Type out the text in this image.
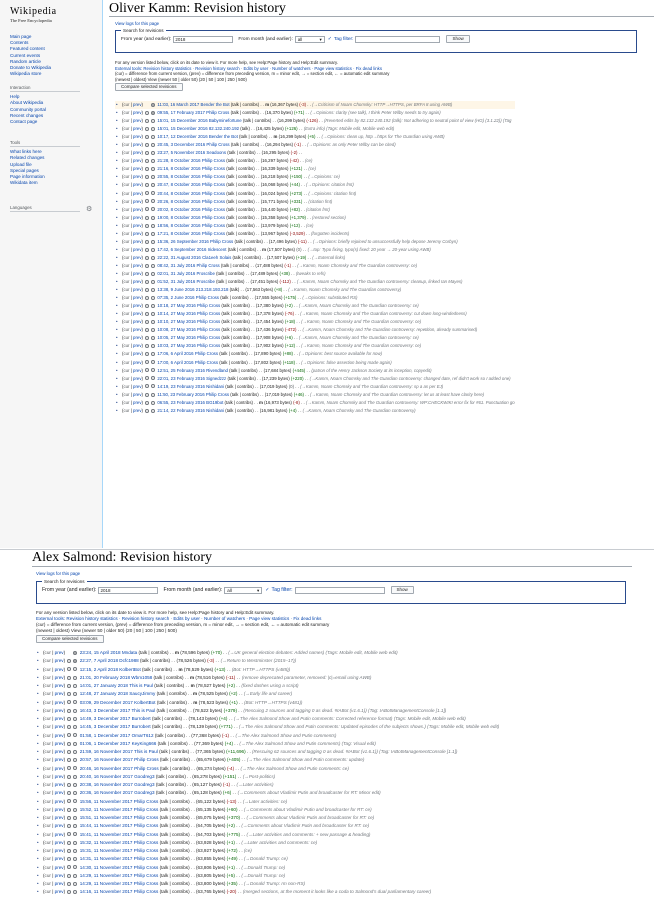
Wikipedia
The Free Encyclopedia
Main page
Contents
Featured content
Current events
Random article
Donate to Wikipedia
Wikipedia store
Interaction
Help
About Wikipedia
Community portal
Recent changes
Contact page
Tools
What links here
Related changes
Upload file
Special pages
Page information
Wikidata item
Languages	⚙
Oliver Kamm: Revision history
View logs for this page
Search for revisions
From year (and earlier): 2018	From month (and earlier):	all	▾ ✓ Tag filter:	Show
For any version listed below, click on its date to view it. For more help, see Help:Page history and Help:Edit summary.
External tools: Revision history statistics · Revision history search · Edits by user · Number of watchers · Page view statistics · Fix dead links
(cur) = difference from current version, (prev) = difference from preceding version, m = minor edit, → = section edit, ← = automatic edit summary
(newest | oldest) View (newer 50 | older 50) (20 | 50 | 100 | 250 | 500)
Compare selected revisions
• (cur | prev)	11:03, 16 March 2017 Bender the Bot (talk | contribs) . . m (16,367 bytes) (-3) . . (→Criticism of Noam Chomsky: HTTP→HTTPS, per BRFA 8 using AWB)
• (cur | prev)	09:55, 17 February 2017 Philip Cross (talk | contribs) . . (16,370 bytes) (+71) . . (→Opinions: clarity (see talk), I think Peter Wilby needs to try again)
• (cur | prev)	15:01, 15 December 2016 Babyminefortune (talk | contribs) . . (16,299 bytes) (-126) . . (Reverted edits by 82.132.240.192 (talk): Not adhering to neutral point of view (HG) (3.1.22)) (Tag
• (cur | prev)	15:01, 15 December 2016 82.132.240.192 (talk) . . (16,425 bytes) (+126) . . (Extra info) (Tags: Mobile edit, Mobile web edit)
• (cur | prev)	10:17, 12 December 2016 Bender the Bot (talk | contribs) . . m (16,299 bytes) (+5) . . (→Opinions: clean up, http→https for The Guardian using AWB)
• (cur | prev)	20:45, 3 December 2016 Philip Cross (talk | contribs) . . (16,294 bytes) (-1) . . (→Opinions: as only Peter Wilby can be cited)
• (cur | prev)	23:27, 5 November 2016 Seadoons (talk | contribs) . . (16,295 bytes) (-2) . .
• (cur | prev)	21:28, 8 October 2016 Philip Cross (talk | contribs) . . (16,297 bytes) (-42) . . (ce)
• (cur | prev)	21:16, 8 October 2016 Philip Cross (talk | contribs) . . (16,339 bytes) (+121) . . (ce)
• (cur | prev)	20:55, 8 October 2016 Philip Cross (talk | contribs) . . (16,218 bytes) (+150) . . (→Opinions: ce)
• (cur | prev)	20:47, 8 October 2016 Philip Cross (talk | contribs) . . (16,068 bytes) (+44) . . (→Opinions: citation fmt)
• (cur | prev)	20:44, 8 October 2016 Philip Cross (talk | contribs) . . (16,024 bytes) (+273) . . (→Opinions: citation fmt)
• (cur | prev)	20:26, 8 October 2016 Philip Cross (talk | contribs) . . (15,771 bytes) (+331) . . (citation fmt)
• (cur | prev)	20:02, 8 October 2016 Philip Cross (talk | contribs) . . (15,440 bytes) (+82) . . (citation fmt)
• (cur | prev)	19:00, 8 October 2016 Philip Cross (talk | contribs) . . (15,358 bytes) (+1,379) . . (restored section)
• (cur | prev)	18:56, 8 October 2016 Philip Cross (talk | contribs) . . (13,979 bytes) (+12) . . (ce)
• (cur | prev)	17:21, 8 October 2016 Philip Cross (talk | contribs) . . (13,967 bytes) (-3,529) . . (forgotten incidents)
• (cur | prev)	15:36, 26 September 2016 Philip Cross (talk | contribs) . . (17,496 bytes) (-11) . . (→Opinions: briefly rejoined to unsuccessfully help depose Jeremy Corbyn)
• (cur | prev)	17:42, 6 September 2016 Iridescent (talk | contribs) . . m (17,507 bytes) (0) . . (→top: Typo fixing, typo(s) fixed: 20 year → 20-year using AWB)
• (cur | prev)	22:22, 31 August 2016 Cla1eeh Solais (talk | contribs) . . (17,507 bytes) (+19) . . (→External links)
• (cur | prev)	08:42, 31 July 2016 Philip Cross (talk | contribs) . . (17,488 bytes) (-1) . . (→Kamm, Noam Chomsky and The Guardian controversy: ce)
• (cur | prev)	02:01, 31 July 2016 Proscribe (talk | contribs) . . (17,489 bytes) (+38) . . (tweaks to refs)
• (cur | prev)	01:52, 31 July 2016 Proscribe (talk | contribs) . . (17,451 bytes) (-112) . . (→Kamm, Noam Chomsky and The Guardian controversy: cleanup, linked Ian Mayes)
• (cur | prev)	13:38, 9 June 2016 213.218.193.218 (talk) . . (17,563 bytes) (+8) . . (→Kamm, Noam Chomsky and The Guardian controversy)
• (cur | prev)	07:35, 2 June 2016 Philip Cross (talk | contribs) . . (17,555 bytes) (+175) . . (→Opinions: substituted RS)
• (cur | prev)	10:18, 27 May 2016 Philip Cross (talk | contribs) . . (17,380 bytes) (+2) . . (→Kamm, Noam Chomsky and The Guardian controversy: ce)
• (cur | prev)	10:14, 27 May 2016 Philip Cross (talk | contribs) . . (17,378 bytes) (-76) . . (→Kamm, Noam Chomsky and The Guardian controversy: cut down long-windedness)
• (cur | prev)	10:10, 27 May 2016 Philip Cross (talk | contribs) . . (17,454 bytes) (+18) . . (→Kamm, Noam Chomsky and The Guardian controversy: ce)
• (cur | prev)	10:08, 27 May 2016 Philip Cross (talk | contribs) . . (17,436 bytes) (-472) . . (→Kamm, Noam Chomsky and The Guardian controversy: repetition, already summarised)
• (cur | prev)	10:05, 27 May 2016 Philip Cross (talk | contribs) . . (17,908 bytes) (+6) . . (→Kamm, Noam Chomsky and The Guardian controversy: ce)
• (cur | prev)	10:03, 27 May 2016 Philip Cross (talk | contribs) . . (17,902 bytes) (+12) . . (→Kamm, Noam Chomsky and The Guardian controversy: ce)
• (cur | prev)	17:06, 6 April 2016 Philip Cross (talk | contribs) . . (17,890 bytes) (+88) . . (→Opinions: best source available for now)
• (cur | prev)	17:00, 6 April 2016 Philip Cross (talk | contribs) . . (17,802 bytes) (+118) . . (→Opinions: false assertion being made again)
• (cur | prev)	12:51, 25 February 2016 Rivendland (talk | contribs) . . (17,684 bytes) (+445) . . (patron of the Henry Jackson Society at its inception, copyedit)
• (cur | prev)	22:01, 23 February 2016 Signedzzz (talk | contribs) . . (17,239 bytes) (+220) . . (→Kamm, Noam Chomsky and The Guardian controversy: changed date, ref didn't work so I added one)
• (cur | prev)	14:19, 23 February 2016 Nishidani (talk | contribs) . . (17,019 bytes) (0) . . (→Kamm, Noam Chomsky and The Guardian controversy: sp a as per EJ)
• (cur | prev)	11:50, 23 February 2016 Philip Cross (talk | contribs) . . (17,019 bytes) (+46) . . (→Kamm, Noam Chomsky and The Guardian controversy: let us at least have clarity here)
• (cur | prev)	06:55, 23 February 2016 BG19bot (talk | contribs) . . m (16,973 bytes) (-8) . . (→Kamm, Noam Chomsky and The Guardian controversy: WP:CHECKWIKI error fix for #61. Punctuation go
• (cur | prev)	21:14, 22 February 2016 Nishidani (talk | contribs) . . (16,981 bytes) (+4) . . (→Kamm, Noam Chomsky and The Guardian controversy)
Alex Salmond: Revision history
View logs for this page
Search for revisions
From year (and earlier): 2018	From month (and earlier):	all	▾ ✓ Tag filter:	Show
For any version listed below, click on its date to view it. For more help, see Help:Page history and Help:Edit summary.
External tools: Revision history statistics · Revision history search · Edits by user · Number of watchers · Page view statistics · Fix dead links
(cur) = difference from current version, (prev) = difference from preceding version, m = minor edit, → = section edit, ← = automatic edit summary
(newest | oldest) View (newer 50 | older 50) (20 | 50 | 100 | 250 | 500)
Compare selected revisions
• (cur | prev)	23:24, 15 April 2018 Mndata (talk | contribs) . . m (78,596 bytes) (+70) . . (→UK general election debates: Added names) (Tags: Mobile edit, Mobile web edit)
• (cur | prev)	22:27, 7 April 2018 Dcfc1988 (talk | contribs) . . (78,526 bytes) (-3) . . (→Return to Westminster (2015–17))
• (cur | prev)	12:15, 2 April 2018 KolbertBot (talk | contribs) . . m (78,529 bytes) (+13) . . (Bot: HTTP→HTTPS (v485))
• (cur | prev)	21:01, 20 February 2018 Wbm1058 (talk | contribs) . . m (78,516 bytes) (-11) . . (remove deprecated parameter, removed: |c|=email using AWB)
• (cur | prev)	14:01, 27 January 2018 This is Paul (talk | contribs) . . m (78,527 bytes) (+2) . . (fixed dashes using a script)
• (cur | prev)	12:48, 27 January 2018 SaucyJimmy (talk | contribs) . . m (78,525 bytes) (+2) . . (→Early life and career)
• (cur | prev)	03:09, 29 December 2017 KolbertBot (talk | contribs) . . m (78,523 bytes) (+1) . . (Bot: HTTP→HTTPS (v481))
• (cur | prev)	16:43, 3 December 2017 This is Paul (talk | contribs) . . (78,522 bytes) (+379) . . (Rescuing 2 sources and tagging 0 as dead. #IABot (v1.6.1)) (Tag: IABotManagementConsole [1.1])
• (cur | prev)	14:49, 3 December 2017 Burrobert (talk | contribs) . . (78,143 bytes) (+4) . . (→The Alex Salmond Show and Putin comments: Corrected reference format) (Tags: Mobile edit, Mobile web edit)
• (cur | prev)	14:45, 3 December 2017 Burrobert (talk | contribs) . . (78,139 bytes) (+771) . . (→The Alex Salmond Show and Putin comments: Updated episodes of the subjects shows.) (Tags: Mobile edit, Mobile web edit)
• (cur | prev)	01:58, 1 December 2017 OmarT612 (talk | contribs) . . (77,368 bytes) (-1) . . (→The Alex Salmond Show and Putin comments)
• (cur | prev)	01:06, 1 December 2017 KeyKing666 (talk | contribs) . . (77,369 bytes) (+4) . . (→The Alex Salmond Show and Putin comments) (Tag: Visual edit)
• (cur | prev)	21:59, 16 November 2017 This is Paul (talk | contribs) . . (77,365 bytes) (+11,696) . . (Rescuing 62 sources and tagging 0 as dead. #IABot (v1.6.1)) (Tag: IABotManagementConsole [1.1])
• (cur | prev)	20:57, 16 November 2017 Philip Cross (talk | contribs) . . (65,679 bytes) (+405) . . (→The Alex Salmond Show and Putin comments: update)
• (cur | prev)	20:46, 16 November 2017 Philip Cross (talk | contribs) . . (65,274 bytes) (-4) . . (→The Alex Salmond Show and Putin comments: ce)
• (cur | prev)	20:40, 16 November 2017 Goodreg3 (talk | contribs) . . (65,278 bytes) (+151) . . (→Post-politics)
• (cur | prev)	20:38, 16 November 2017 Goodreg3 (talk | contribs) . . (65,127 bytes) (-1) . . (→Later activities)
• (cur | prev)	20:36, 16 November 2017 Goodreg3 (talk | contribs) . . (65,128 bytes) (+6) . . (→Comments about Vladimir Putin and broadcaster for RT: Minor edit)
• (cur | prev)	15:56, 11 November 2017 Philip Cross (talk | contribs) . . (65,122 bytes) (-13) . . (→Later activities: ce)
• (cur | prev)	15:52, 11 November 2017 Philip Cross (talk | contribs) . . (65,135 bytes) (+60) . . (→Comments about Vladimir Putin and broadcaster for RT: ce)
• (cur | prev)	15:51, 11 November 2017 Philip Cross (talk | contribs) . . (65,075 bytes) (+370) . . (→Comments about Vladimir Putin and broadcaster for RT: ce)
• (cur | prev)	15:44, 11 November 2017 Philip Cross (talk | contribs) . . (64,705 bytes) (+2) . . (→Comments about Vladimir Putin and broadcaster for RT: ce)
• (cur | prev)	15:41, 11 November 2017 Philip Cross (talk | contribs) . . (64,703 bytes) (+775) . . (→Later activities and comments: + new passage & heading)
• (cur | prev)	15:32, 11 November 2017 Philip Cross (talk | contribs) . . (63,928 bytes) (+1) . . (→Later activities and comments: ce)
• (cur | prev)	15:31, 11 November 2017 Philip Cross (talk | contribs) . . (63,927 bytes) (+72) . . (ce)
• (cur | prev)	14:31, 11 November 2017 Philip Cross (talk | contribs) . . (63,855 bytes) (+49) . . (→Donald Trump: ce)
• (cur | prev)	14:30, 11 November 2017 Philip Cross (talk | contribs) . . (63,806 bytes) (+1) . . (→Donald Trump: ce)
• (cur | prev)	14:29, 11 November 2017 Philip Cross (talk | contribs) . . (63,805 bytes) (+5) . . (→Donald Trump: ce)
• (cur | prev)	14:29, 11 November 2017 Philip Cross (talk | contribs) . . (63,800 bytes) (+35) . . (→Donald Trump: rm non-RS)
• (cur | prev)	14:16, 11 November 2017 Philip Cross (talk | contribs) . . (63,765 bytes) (-20) . . (merged sections, at the moment it looks like a coda to Salmond's dual parliamentary career)
